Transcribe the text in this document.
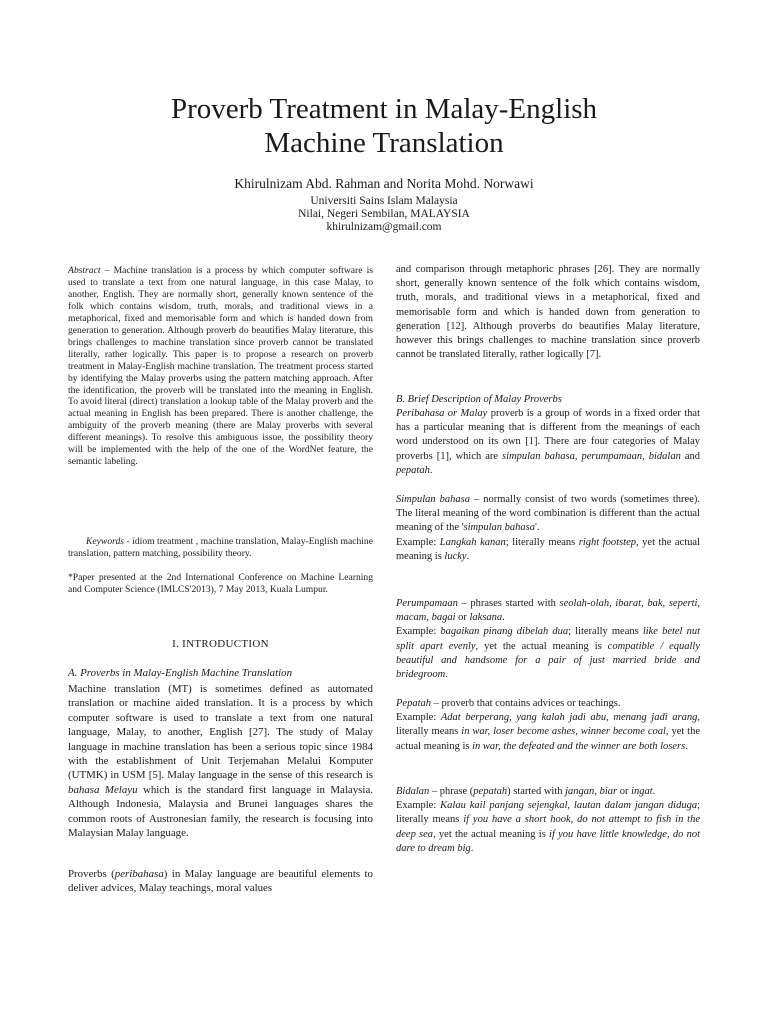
Proverb Treatment in Malay-English
Machine Translation
Khirulnizam Abd. Rahman and Norita Mohd. Norwawi
Universiti Sains Islam Malaysia
Nilai, Negeri Sembilan, MALAYSIA
khirulnizam@gmail.com

Abstract – Machine translation is a process by which computer software is used to translate a text from one natural language, in this case Malay, to another, English. They are normally short, generally known sentence of the folk which contains wisdom, truth, morals, and traditional views in a metaphorical, fixed and memorisable form and which is handed down from generation to generation. Although proverb do beautifies Malay literature, this brings challenges to machine translation since proverb cannot be translated literally, rather logically. This paper is to propose a research on proverb treatment in Malay-English machine translation. The treatment process started by identifying the Malay proverbs using the pattern matching approach. After the identification, the proverb will be translated into the meaning in English. To avoid literal (direct) translation a lookup table of the Malay proverb and the actual meaning in English has been prepared. There is another challenge, the ambiguity of the proverb meaning (there are Malay proverbs with several different meanings). To resolve this ambiguous issue, the possibility theory will be implemented with the help of the one of the WordNet feature, the semantic labeling.

Keywords - idiom treatment , machine translation, Malay-English machine translation, pattern matching, possibility theory.

*Paper presented at the 2nd International Conference on Machine Learning and Computer Science (IMLCS'2013), 7 May 2013, Kuala Lumpur.

I. INTRODUCTION
A. Proverbs in Malay-English Machine Translation

Machine translation (MT) is sometimes defined as automated translation or machine aided translation. It is a process by which computer software is used to translate a text from one natural language, Malay, to another, English [27]. The study of Malay language in machine translation has been a serious topic since 1984 with the establishment of Unit Terjemahan Melalui Komputer (UTMK) in USM [5]. Malay language in the sense of this research is bahasa Melayu which is the standard first language in Malaysia. Although Indonesia, Malaysia and Brunei languages shares the common roots of Austronesian family, the research is focusing into Malaysian Malay language.

Proverbs (peribahasa) in Malay language are beautiful elements to deliver advices, Malay teachings, moral values

and comparison through metaphoric phrases [26]. They are normally short, generally known sentence of the folk which contains wisdom, truth, morals, and traditional views in a metaphorical, fixed and memorisable form and which is handed down from generation to generation [12]. Although proverbs do beautifies Malay literature, however this brings challenges to machine translation since proverb cannot be translated literally, rather logically [7].

B. Brief Description of Malay Proverbs

Peribahasa or Malay proverb is a group of words in a fixed order that has a particular meaning that is different from the meanings of each word understood on its own [1]. There are four categories of Malay proverbs [1], which are simpulan bahasa, perumpamaan, bidalan and pepatah.

Simpulan bahasa – normally consist of two words (sometimes three). The literal meaning of the word combination is different than the actual meaning of the 'simpulan bahasa'.

Example: Langkah kanan; literally means right footstep, yet the actual meaning is lucky.

Perumpamaan – phrases started with seolah-olah, ibarat, bak, seperti, macam, bagai or laksana.

Example: bagaikan pinang dibelah dua; literally means like betel nut split apart evenly, yet the actual meaning is compatible / equally beautiful and handsome for a pair of just married bride and bridegroom.

Pepatah – proverb that contains advices or teachings.

Example: Adat berperang, yang kalah jadi abu, menang jadi arang, literally means in war, loser become ashes, winner become coal, yet the actual meaning is in war, the defeated and the winner are both losers.

Bidalan – phrase (pepatah) started with jangan, biar or ingat.

Example: Kalau kail panjang sejengkal, lautan dalam jangan diduga; literally means if you have a short hook, do not attempt to fish in the deep sea, yet the actual meaning is if you have little knowledge, do not dare to dream big.
